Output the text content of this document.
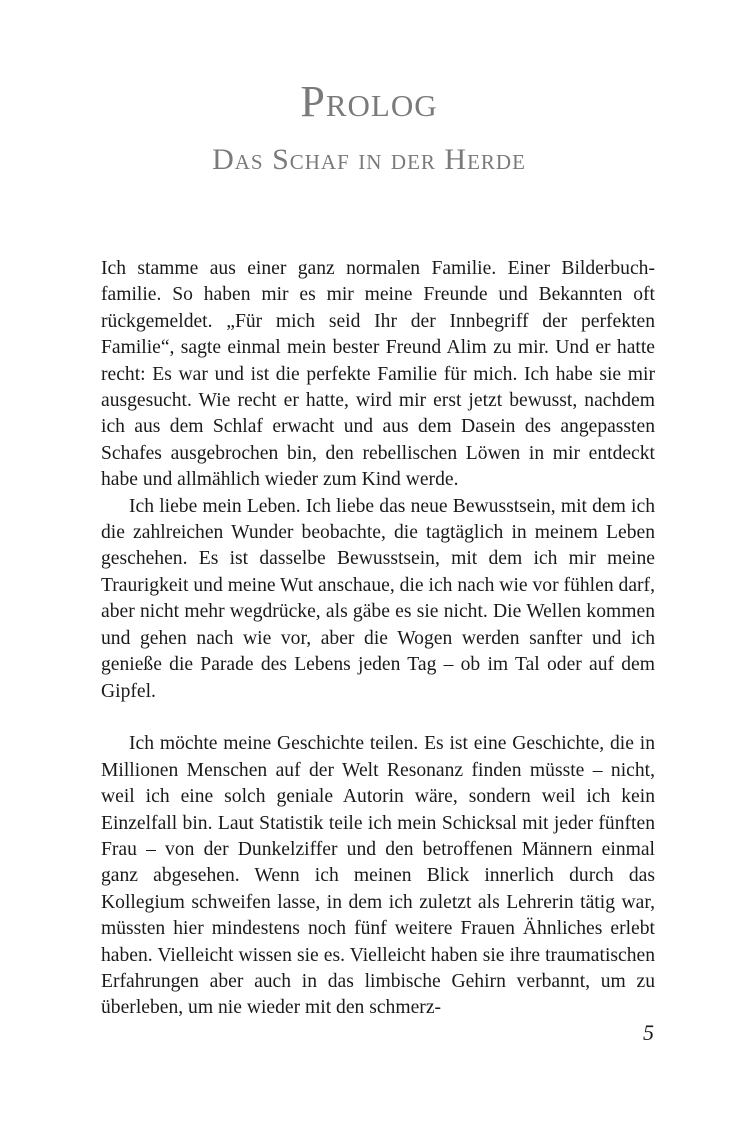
Prolog
Das Schaf in der Herde

Ich stamme aus einer ganz normalen Familie. Einer Bilderbuchfamilie. So haben mir es mir meine Freunde und Bekannten oft rückgemeldet. „Für mich seid Ihr der Innbegriff der perfekten Familie“, sagte einmal mein bester Freund Alim zu mir. Und er hatte recht: Es war und ist die perfekte Familie für mich. Ich habe sie mir ausgesucht. Wie recht er hatte, wird mir erst jetzt bewusst, nachdem ich aus dem Schlaf erwacht und aus dem Dasein des angepassten Schafes ausgebrochen bin, den rebellischen Löwen in mir entdeckt habe und allmählich wieder zum Kind werde.

Ich liebe mein Leben. Ich liebe das neue Bewusstsein, mit dem ich die zahlreichen Wunder beobachte, die tagtäglich in meinem Leben geschehen. Es ist dasselbe Bewusstsein, mit dem ich mir meine Traurigkeit und meine Wut anschaue, die ich nach wie vor fühlen darf, aber nicht mehr wegdrücke, als gäbe es sie nicht. Die Wellen kommen und gehen nach wie vor, aber die Wogen werden sanfter und ich genieße die Parade des Lebens jeden Tag – ob im Tal oder auf dem Gipfel.

Ich möchte meine Geschichte teilen. Es ist eine Geschichte, die in Millionen Menschen auf der Welt Resonanz finden müsste – nicht, weil ich eine solch geniale Autorin wäre, sondern weil ich kein Einzelfall bin. Laut Statistik teile ich mein Schicksal mit jeder fünften Frau – von der Dunkelziffer und den betroffenen Männern einmal ganz abgesehen. Wenn ich meinen Blick innerlich durch das Kollegium schweifen lasse, in dem ich zuletzt als Lehrerin tätig war, müssten hier mindestens noch fünf weitere Frauen Ähnliches erlebt haben. Vielleicht wissen sie es. Vielleicht haben sie ihre traumatischen Erfahrungen aber auch in das limbische Gehirn verbannt, um zu überleben, um nie wieder mit den schmerz-

5
